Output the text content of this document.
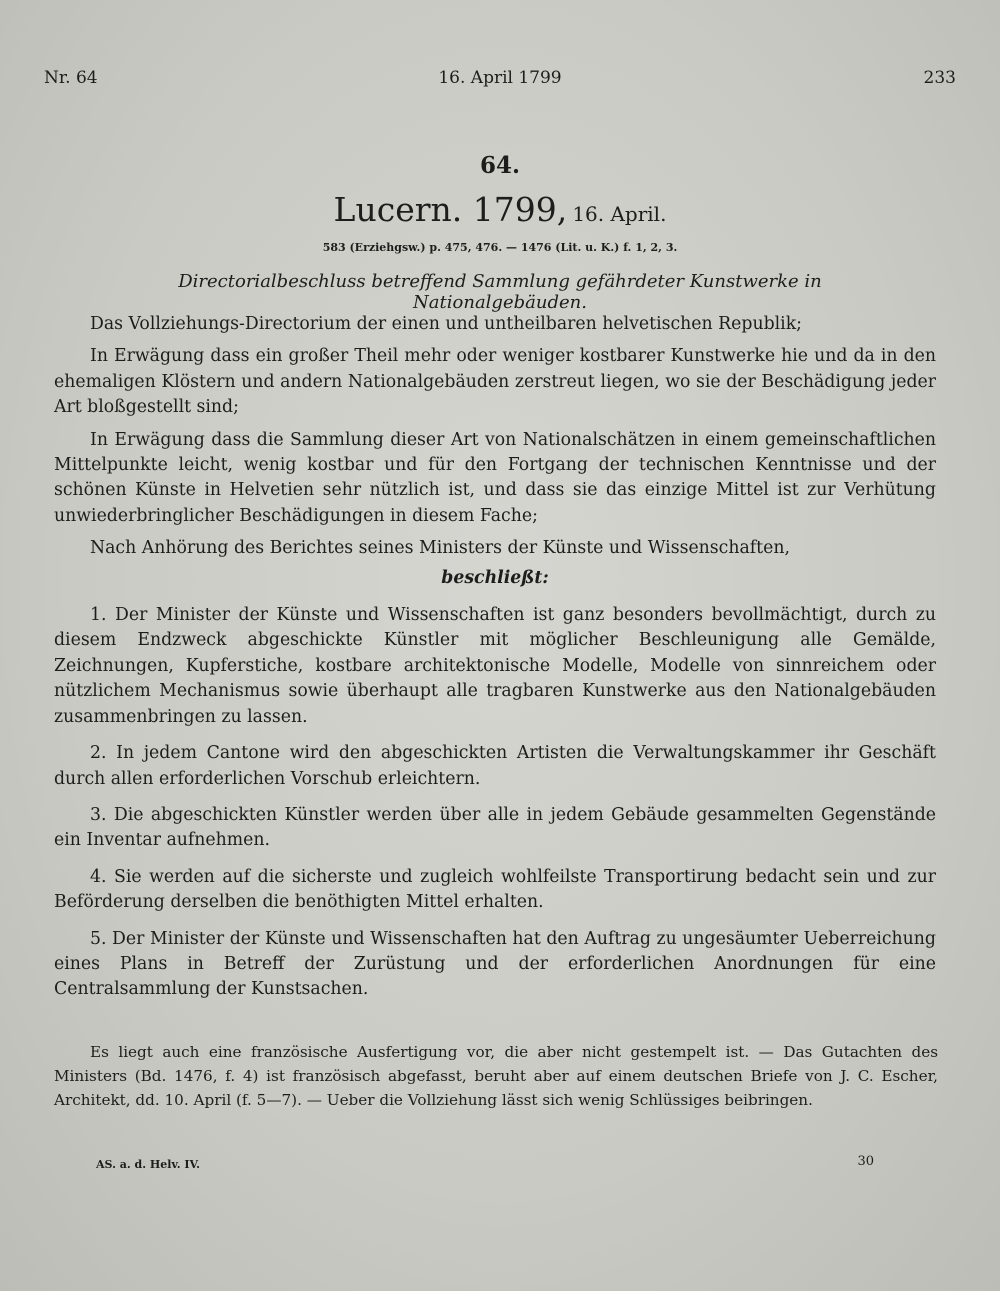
Nr. 64	16. April 1799	233
64.
Lucern. 1799, 16. April.
583 (Erziehgsw.) p. 475, 476. — 1476 (Lit. u. K.) f. 1, 2, 3.
Directorialbeschluss betreffend Sammlung gefährdeter Kunstwerke in Nationalgebäuden.

Das Vollziehungs-Directorium der einen und untheilbaren helvetischen Republik;

In Erwägung dass ein großer Theil mehr oder weniger kostbarer Kunstwerke hie und da in den ehemaligen Klöstern und andern Nationalgebäuden zerstreut liegen, wo sie der Beschädigung jeder Art bloßgestellt sind;

In Erwägung dass die Sammlung dieser Art von Nationalschätzen in einem gemeinschaftlichen Mittelpunkte leicht, wenig kostbar und für den Fortgang der technischen Kenntnisse und der schönen Künste in Helvetien sehr nützlich ist, und dass sie das einzige Mittel ist zur Verhütung unwiederbringlicher Beschädigungen in diesem Fache;

Nach Anhörung des Berichtes seines Ministers der Künste und Wissenschaften,

beschließt:

1. Der Minister der Künste und Wissenschaften ist ganz besonders bevollmächtigt, durch zu diesem Endzweck abgeschickte Künstler mit möglicher Beschleunigung alle Gemälde, Zeichnungen, Kupferstiche, kostbare architektonische Modelle, Modelle von sinnreichem oder nützlichem Mechanismus sowie überhaupt alle tragbaren Kunstwerke aus den Nationalgebäuden zusammenbringen zu lassen.

2. In jedem Cantone wird den abgeschickten Artisten die Verwaltungskammer ihr Geschäft durch allen erforderlichen Vorschub erleichtern.

3. Die abgeschickten Künstler werden über alle in jedem Gebäude gesammelten Gegenstände ein Inventar aufnehmen.

4. Sie werden auf die sicherste und zugleich wohlfeilste Transportirung bedacht sein und zur Beförderung derselben die benöthigten Mittel erhalten.

5. Der Minister der Künste und Wissenschaften hat den Auftrag zu ungesäumter Ueberreichung eines Plans in Betreff der Zurüstung und der erforderlichen Anordnungen für eine Centralsammlung der Kunstsachen.

Es liegt auch eine französische Ausfertigung vor, die aber nicht gestempelt ist. — Das Gutachten des Ministers (Bd. 1476, f. 4) ist französisch abgefasst, beruht aber auf einem deutschen Briefe von J. C. Escher, Architekt, dd. 10. April (f. 5—7). — Ueber die Vollziehung lässt sich wenig Schlüssiges beibringen.

AS. a. d. Helv. IV.	30
